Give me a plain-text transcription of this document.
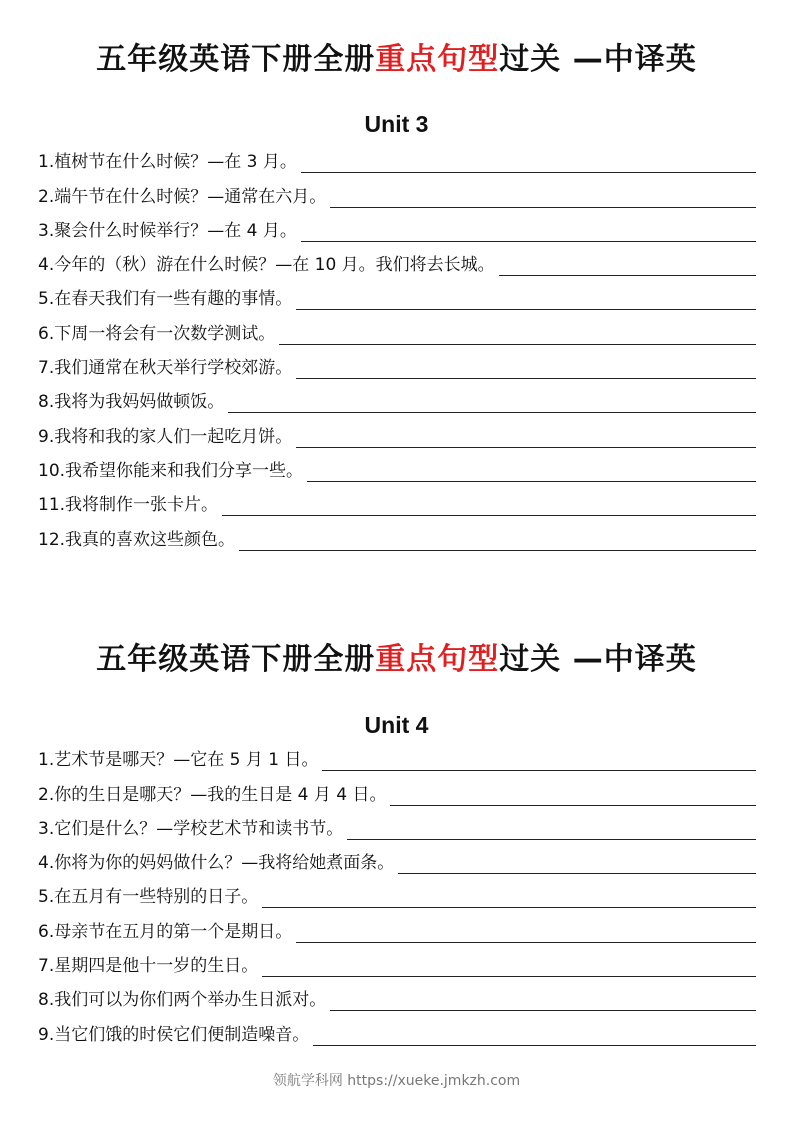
五年级英语下册全册重点句型过关 —中译英
Unit 3
1.植树节在什么时候？—在 3 月。
2.端午节在什么时候？—通常在六月。
3.聚会什么时候举行？—在 4 月。
4.今年的（秋）游在什么时候？—在 10 月。我们将去长城。
5.在春天我们有一些有趣的事情。
6.下周一将会有一次数学测试。
7.我们通常在秋天举行学校郊游。
8.我将为我妈妈做顿饭。
9.我将和我的家人们一起吃月饼。
10.我希望你能来和我们分享一些。
11.我将制作一张卡片。
12.我真的喜欢这些颜色。
五年级英语下册全册重点句型过关 —中译英
Unit 4
1.艺术节是哪天？—它在 5 月 1 日。
2.你的生日是哪天？—我的生日是 4 月 4 日。
3.它们是什么？—学校艺术节和读书节。
4.你将为你的妈妈做什么？—我将给她煮面条。
5.在五月有一些特别的日子。
6.母亲节在五月的第一个是期日。
7.星期四是他十一岁的生日。
8.我们可以为你们两个举办生日派对。
9.当它们饿的时侯它们便制造噪音。
领航学科网 https://xueke.jmkzh.com
